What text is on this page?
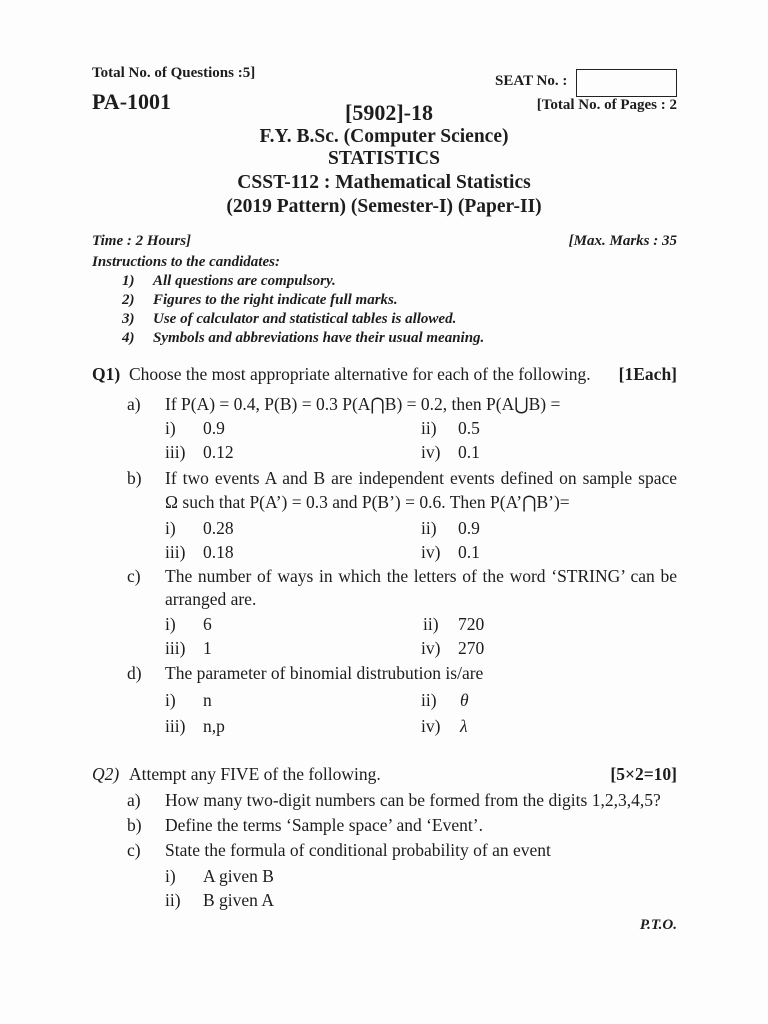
Total No. of Questions :5]	SEAT No. :
PA-1001	[5902]-18	[Total No. of Pages : 2
F.Y. B.Sc. (Computer Science)
STATISTICS
CSST-112 : Mathematical Statistics
(2019 Pattern) (Semester-I) (Paper-II)
Time : 2 Hours]	[Max. Marks : 35
Instructions to the candidates:
1) All questions are compulsory.
2) Figures to the right indicate full marks.
3) Use of calculator and statistical tables is allowed.
4) Symbols and abbreviations have their usual meaning.
Q1) Choose the most appropriate alternative for each of the following. [1Each]
a) If P(A) = 0.4, P(B) = 0.3 P(A⋂B) = 0.2, then P(A⋃B) =
i) 0.9	ii) 0.5
iii) 0.12	iv) 0.1
b) If two events A and B are independent events defined on sample space
Ω such that P(A’) = 0.3 and P(B’) = 0.6. Then P(A’⋂B’)=
i) 0.28	ii) 0.9
iii) 0.18	iv) 0.1
c) The number of ways in which the letters of the word ‘STRING’ can be
arranged are.
i) 6	ii) 720
iii) 1	iv) 270
d) The parameter of binomial distrubution is/are
i) n	ii) θ
iii) n,p	iv) λ
Q2) Attempt any FIVE of the following.	[5×2=10]
a) How many two-digit numbers can be formed from the digits 1,2,3,4,5?
b) Define the terms ‘Sample space’ and ‘Event’.
c) State the formula of conditional probability of an event
i) A given B
ii) B given A
P.T.O.
